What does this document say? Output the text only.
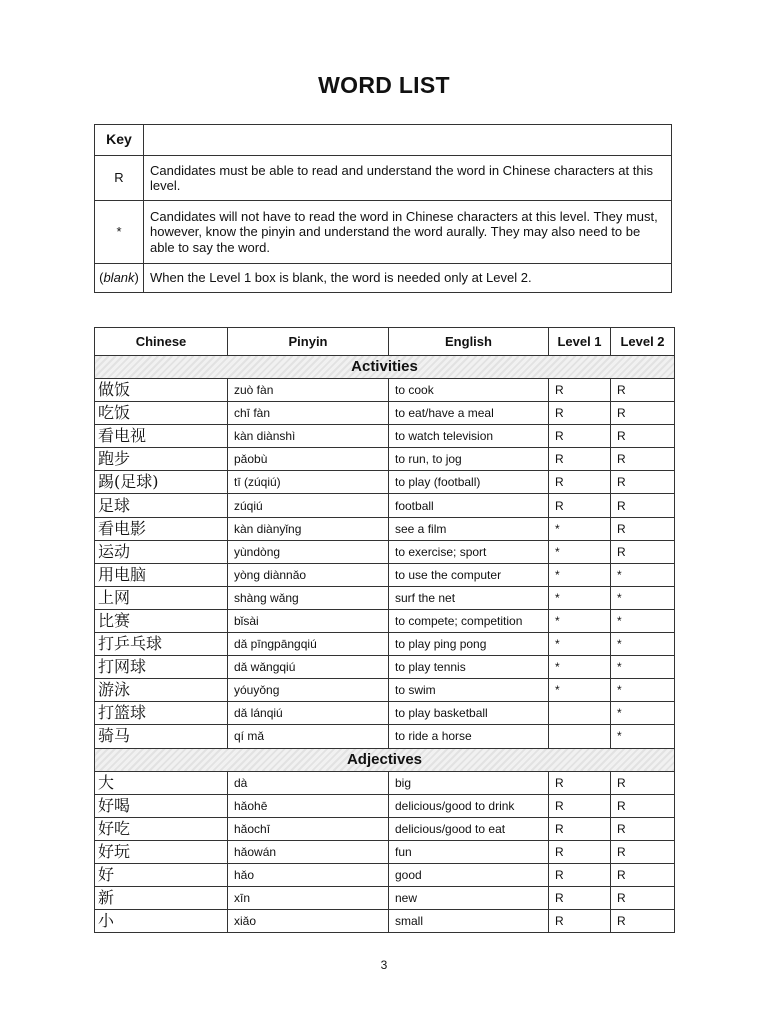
WORD LIST
Key	
R	Candidates must be able to read and understand the word in Chinese characters at this level.
*	Candidates will not have to read the word in Chinese characters at this level. They must, however, know the pinyin and understand the word aurally. They may also need to be able to say the word.
(blank)	When the Level 1 box is blank, the word is needed only at Level 2.
Chinese	Pinyin	English	Level 1	Level 2
Activities				
做饭	zuò fàn	to cook	R	R
吃饭	chī fàn	to eat/have a meal	R	R
看电视	kàn diànshì	to watch television	R	R
跑步	pǎobù	to run, to jog	R	R
踢(足球)	tī (zúqiú)	to play (football)	R	R
足球	zúqiú	football	R	R
看电影	kàn diànyǐng	see a film	*	R
运动	yùndòng	to exercise; sport	*	R
用电脑	yòng diànnǎo	to use the computer	*	*
上网	shàng wǎng	surf the net	*	*
比赛	bǐsài	to compete; competition	*	*
打乒乓球	dǎ pīngpāngqiú	to play ping pong	*	*
打网球	dǎ wǎngqiú	to play tennis	*	*
游泳	yóuyǒng	to swim	*	*
打篮球	dǎ lánqiú	to play basketball		*
骑马	qí mǎ	to ride a horse		*
Adjectives				
大	dà	big	R	R
好喝	hǎohē	delicious/good to drink	R	R
好吃	hǎochī	delicious/good to eat	R	R
好玩	hǎowán	fun	R	R
好	hǎo	good	R	R
新	xīn	new	R	R
小	xiǎo	small	R	R
3
